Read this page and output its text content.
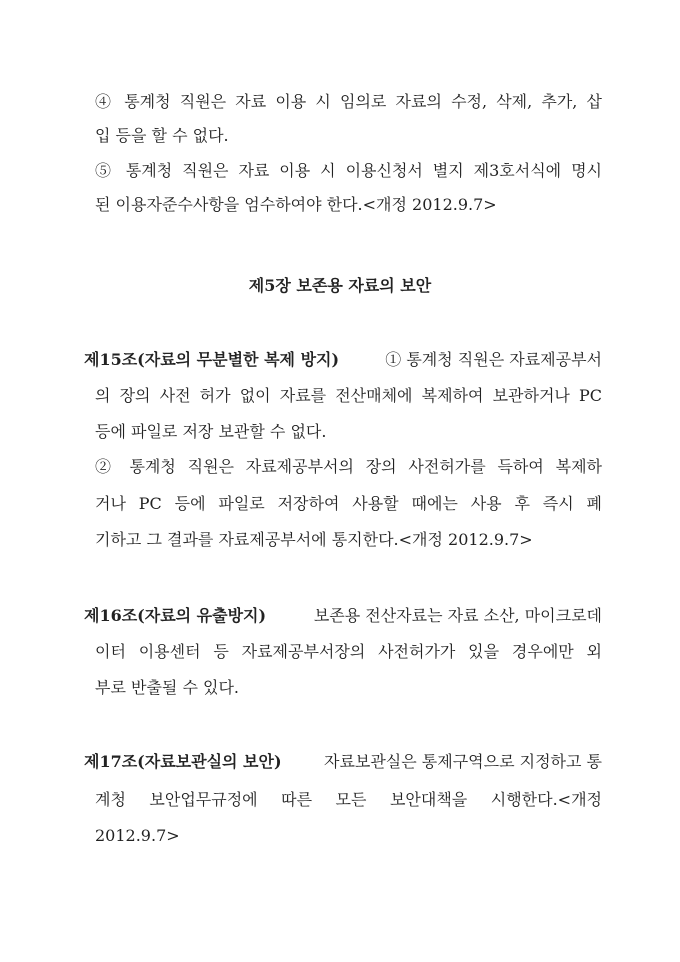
④ 통계청 직원은 자료 이용 시 임의로 자료의 수정, 삭제, 추가, 삽
입 등을 할 수 없다.
⑤ 통계청 직원은 자료 이용 시 이용신청서 별지 제3호서식에 명시
된 이용자준수사항을 엄수하여야 한다.<개정 2012.9.7>
제5장 보존용 자료의 보안
제15조(자료의 무분별한 복제 방지)	① 통계청 직원은 자료제공부서
의 장의 사전 허가 없이 자료를 전산매체에 복제하여 보관하거나 PC
등에 파일로 저장 보관할 수 없다.
② 통계청 직원은 자료제공부서의 장의 사전허가를 득하여 복제하
거나 PC 등에 파일로 저장하여 사용할 때에는 사용 후 즉시 폐
기하고 그 결과를 자료제공부서에 통지한다.<개정 2012.9.7>
제16조(자료의 유출방지)	보존용 전산자료는 자료 소산, 마이크로데
이터 이용센터 등 자료제공부서장의 사전허가가 있을 경우에만 외
부로 반출될 수 있다.
제17조(자료보관실의 보안)	자료보관실은 통제구역으로 지정하고 통
계청 보안업무규정에 따른 모든 보안대책을 시행한다.<개정
2012.9.7>
